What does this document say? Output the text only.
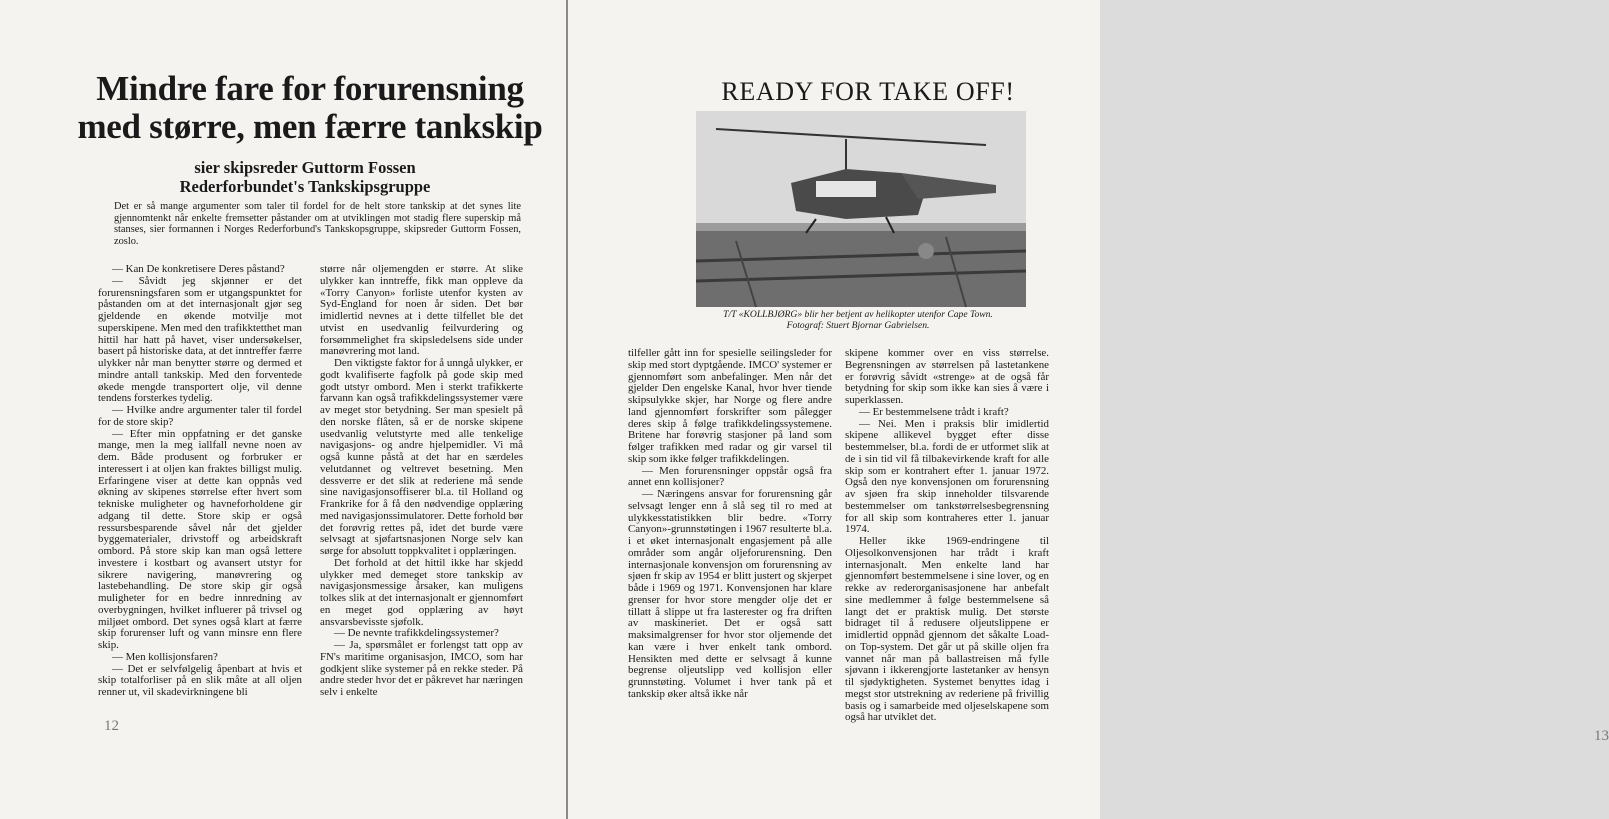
Mindre fare for forurensning
med større, men færre tankskip
sier skipsreder Guttorm Fossen
Rederforbundet's Tankskipsgruppe

Det er så mange argumenter som taler til fordel for de helt store tankskip at det synes lite gjennomtenkt når enkelte fremsetter påstander om at utviklingen mot stadig flere superskip må stanses, sier formannen i Norges Rederforbund's Tankskopsgruppe, skipsreder Guttorm Fossen, zoslo.

— Kan De konkretisere Deres påstand?

— Såvidt jeg skjønner er det forurensningsfaren som er utgangspunktet for påstanden om at det internasjonalt gjør seg gjeldende en økende motvilje mot superskipene. Men med den trafikktetthet man hittil har hatt på havet, viser undersøkelser, basert på historiske data, at det inntreffer færre ulykker når man benytter større og dermed et mindre antall tankskip. Med den forventede økede mengde transportert olje, vil denne tendens forsterkes tydelig.

— Hvilke andre argumenter taler til fordel for de store skip?

— Efter min oppfatning er det ganske mange, men la meg iallfall nevne noen av dem. Både produsent og forbruker er interessert i at oljen kan fraktes billigst mulig. Erfaringene viser at dette kan oppnås ved økning av skipenes størrelse efter hvert som tekniske muligheter og havneforholdene gir adgang til dette. Store skip er også ressursbesparende såvel når det gjelder byggematerialer, drivstoff og arbeidskraft ombord. På store skip kan man også lettere investere i kostbart og avansert utstyr for sikrere navigering, manøvrering og lastebehandling. De store skip gir også muligheter for en bedre innredning av overbygningen, hvilket influerer på trivsel og miljøet ombord. Det synes også klart at færre skip forurenser luft og vann minsre enn flere skip.

— Men kollisjonsfaren?

— Det er selvfølgelig åpenbart at hvis et skip totalforliser på en slik måte at all oljen renner ut, vil skadevirkningene bli

større når oljemengden er større. At slike ulykker kan inntreffe, fikk man oppleve da «Torry Canyon» forliste utenfor kysten av Syd-England for noen år siden. Det bør imidlertid nevnes at i dette tilfellet ble det utvist en usedvanlig feilvurdering og forsømmelighet fra skipsledelsens side under manøvrering mot land.

Den viktigste faktor for å unngå ulykker, er godt kvalifiserte fagfolk på gode skip med godt utstyr ombord. Men i sterkt trafikkerte farvann kan også trafikkdelingssystemer være av meget stor betydning. Ser man spesielt på den norske flåten, så er de norske skipene usedvanlig velutstyrte med alle tenkelige navigasjons- og andre hjelpemidler. Vi må også kunne påstå at det har en særdeles velutdannet og veltrevet besetning. Men dessverre er det slik at rederiene må sende sine navigasjonsoffiserer bl.a. til Holland og Frankrike for å få den nødvendige opplæring med navigasjonssimulatorer. Dette forhold bør det forøvrig rettes på, idet det burde være selvsagt at sjøfartsnasjonen Norge selv kan sørge for absolutt toppkvalitet i opplæringen.

Det forhold at det hittil ikke har skjedd ulykker med demeget store tankskip av navigasjonsmessige årsaker, kan muligens tolkes slik at det internasjonalt er gjennomført en meget god opplæring av høyt ansvarsbevisste sjøfolk.

— De nevnte trafikkdelingssystemer?

— Ja, spørsmålet er forlengst tatt opp av FN's maritime organisasjon, IMCO, som har godkjent slike systemer på en rekke steder. På andre steder hvor det er påkrevet har næringen selv i enkelte

12
READY FOR TAKE OFF!
T/T «KOLLBJØRG» blir her betjent av helikopter utenfor Cape Town.
Fotograf: Stuert Bjornar Gabrielsen.

tilfeller gått inn for spesielle seilingsleder for skip med stort dyptgående. IMCO' systemer er gjennomført som anbefalinger. Men når det gjelder Den engelske Kanal, hvor hver tiende skipsulykke skjer, har Norge og flere andre land gjennomført forskrifter som pålegger deres skip å følge trafikkdelingssystemene. Britene har forøvrig stasjoner på land som følger trafikken med radar og gir varsel til skip som ikke følger trafikkdelingen.

— Men forurensninger oppstår også fra annet enn kollisjoner?

— Næringens ansvar for forurensning går selvsagt lenger enn å slå seg til ro med at ulykkesstatistikken blir bedre. «Torry Canyon»-grunnstøtingen i 1967 resulterte bl.a. i et øket internasjonalt engasjement på alle områder som angår oljeforurensning. Den internasjonale konvensjon om forurensning av sjøen fr skip av 1954 er blitt justert og skjerpet både i 1969 og 1971. Konvensjonen har klare grenser for hvor store mengder olje det er tillatt å slippe ut fra lasterester og fra driften av maskineriet. Det er også satt maksimalgrenser for hvor stor oljemende det kan være i hver enkelt tank ombord. Hensikten med dette er selvsagt å kunne begrense oljeutslipp ved kollisjon eller grunnstøting. Volumet i hver tank på et tankskip øker altså ikke når

skipene kommer over en viss størrelse. Begrensningen av størrelsen på lastetankene er forøvrig såvidt «strenge» at de også får betydning for skip som ikke kan sies å være i superklassen.

— Er bestemmelsene trådt i kraft?

— Nei. Men i praksis blir imidlertid skipene allikevel bygget efter disse bestemmelser, bl.a. fordi de er utformet slik at de i sin tid vil få tilbakevirkende kraft for alle skip som er kontrahert efter 1. januar 1972. Også den nye konvensjonen om forurensning av sjøen fra skip inneholder tilsvarende bestemmelser om tankstørrelsesbegrensning for all skip som kontraheres etter 1. januar 1974.

Heller ikke 1969-endringene til Oljesolkonvensjonen har trådt i kraft internasjonalt. Men enkelte land har gjennomført bestemmelsene i sine lover, og en rekke av rederorganisasjonene har anbefalt sine medlemmer å følge bestemmelsene så langt det er praktisk mulig. Det største bidraget til å redusere oljeutslippene er imidlertid oppnåd gjennom det såkalte Load- on Top-system. Det går ut på skille oljen fra vannet når man på ballastreisen må fylle sjøvann i ikkerengjorte lastetanker av hensyn til sjødyktigheten. Systemet benyttes idag i megst stor utstrekning av rederiene på frivillig basis og i samarbeide med oljeselskapene som også har utviklet det.

13
